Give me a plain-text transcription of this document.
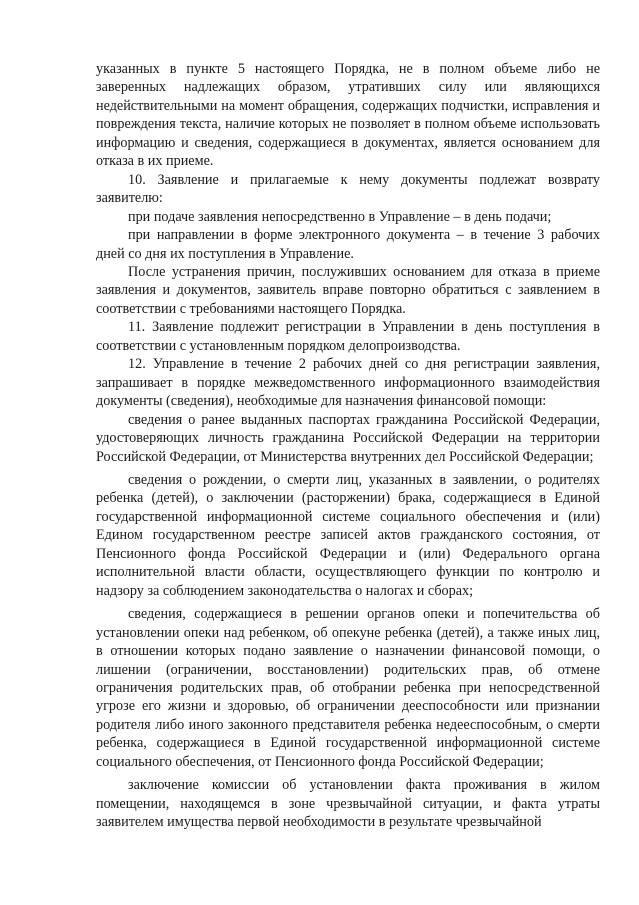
указанных в пункте 5 настоящего Порядка, не в полном объеме либо не заверенных надлежащих образом, утративших силу или являющихся недействительными на момент обращения, содержащих подчистки, исправления и повреждения текста, наличие которых не позволяет в полном объеме использовать информацию и сведения, содержащиеся в документах, является основанием для отказа в их приеме.

10. Заявление и прилагаемые к нему документы подлежат возврату заявителю:

при подаче заявления непосредственно в Управление – в день подачи;

при направлении в форме электронного документа – в течение 3 рабочих дней со дня их поступления в Управление.

После устранения причин, послуживших основанием для отказа в приеме заявления и документов, заявитель вправе повторно обратиться с заявлением в соответствии с требованиями настоящего Порядка.

11. Заявление подлежит регистрации в Управлении в день поступления в соответствии с установленным порядком делопроизводства.

12. Управление в течение 2 рабочих дней со дня регистрации заявления, запрашивает в порядке межведомственного информационного взаимодействия документы (сведения), необходимые для назначения финансовой помощи:

сведения о ранее выданных паспортах гражданина Российской Федерации, удостоверяющих личность гражданина Российской Федерации на территории Российской Федерации, от Министерства внутренних дел Российской Федерации;

сведения о рождении, о смерти лиц, указанных в заявлении, о родителях ребенка (детей), о заключении (расторжении) брака, содержащиеся в Единой государственной информационной системе социального обеспечения и (или) Едином государственном реестре записей актов гражданского состояния, от Пенсионного фонда Российской Федерации и (или) Федерального органа исполнительной власти области, осуществляющего функции по контролю и надзору за соблюдением законодательства о налогах и сборах;

сведения, содержащиеся в решении органов опеки и попечительства об установлении опеки над ребенком, об опекуне ребенка (детей), а также иных лиц, в отношении которых подано заявление о назначении финансовой помощи, о лишении (ограничении, восстановлении) родительских прав, об отмене ограничения родительских прав, об отобрании ребенка при непосредственной угрозе его жизни и здоровью, об ограничении дееспособности или признании родителя либо иного законного представителя ребенка недееспособным, о смерти ребенка, содержащиеся в Единой государственной информационной системе социального обеспечения, от Пенсионного фонда Российской Федерации;

заключение комиссии об установлении факта проживания в жилом помещении, находящемся в зоне чрезвычайной ситуации, и факта утраты заявителем имущества первой необходимости в результате чрезвычайной
